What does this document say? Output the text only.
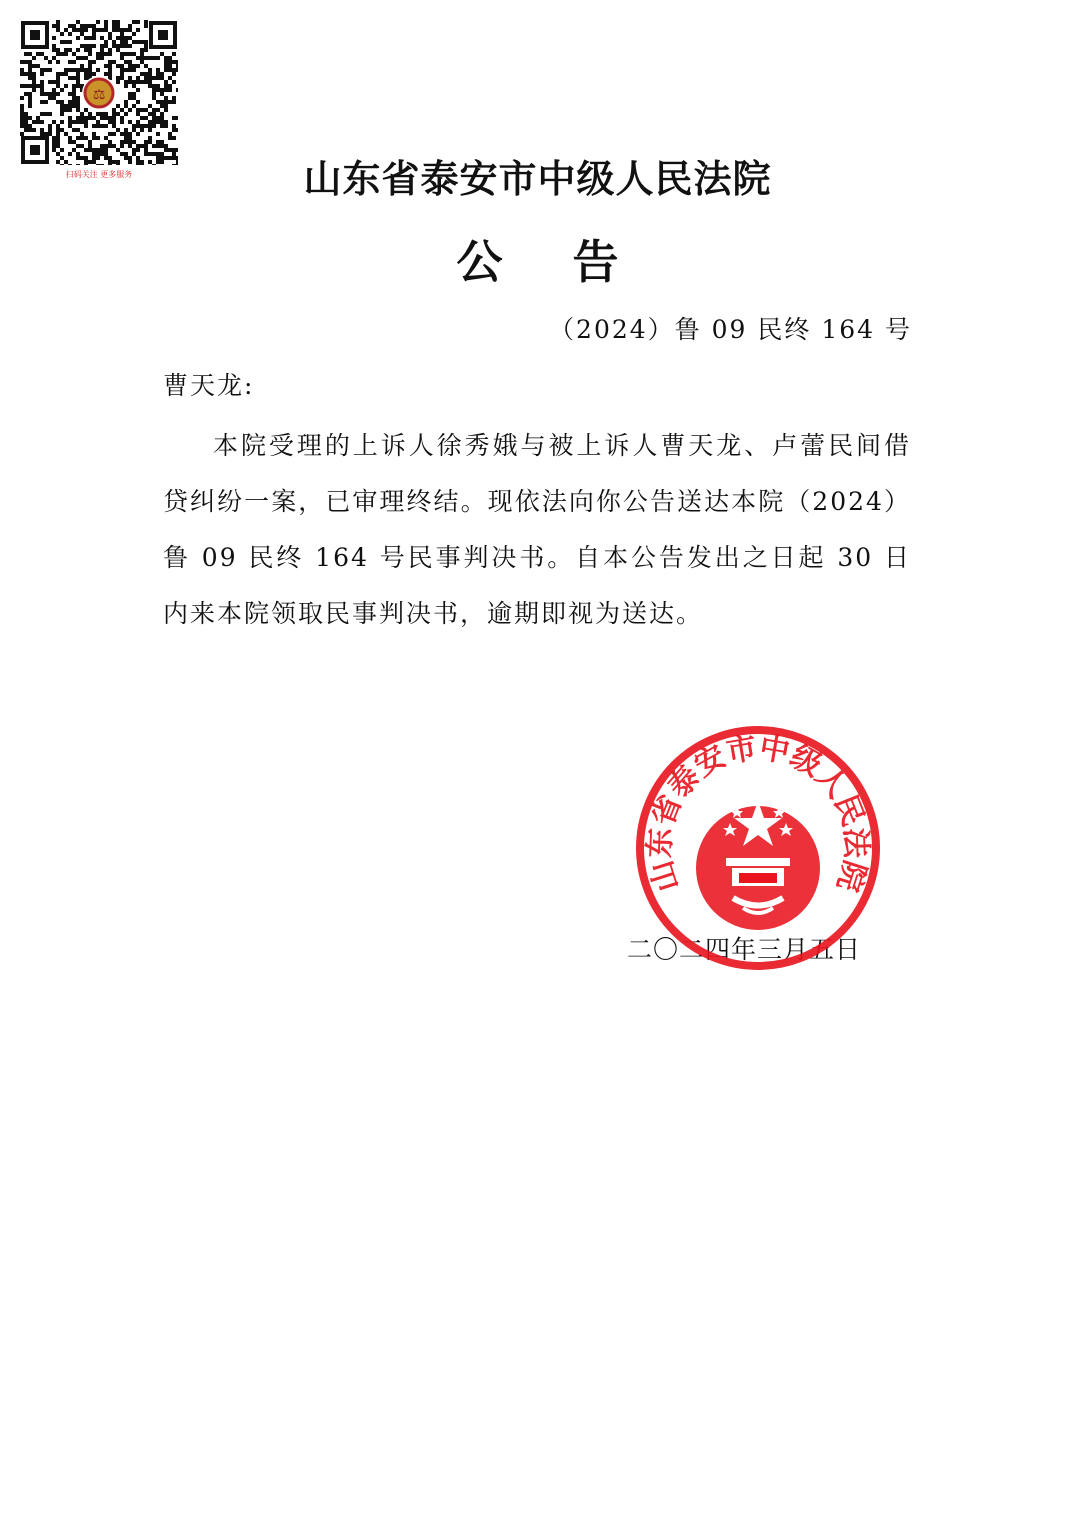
⚖
扫码关注 更多服务	山东省泰安市中级人民法院
公告
（2024）鲁 09 民终 164 号
曹天龙:
本院受理的上诉人徐秀娥与被上诉人曹天龙、卢蕾民间借贷纠纷一案，已审理终结。现依法向你公告送达本院（2024）鲁 09 民终 164 号民事判决书。自本公告发出之日起 30 日内来本院领取民事判决书，逾期即视为送达。
二〇二四年三月五日
山东省泰安市中级人民法院
